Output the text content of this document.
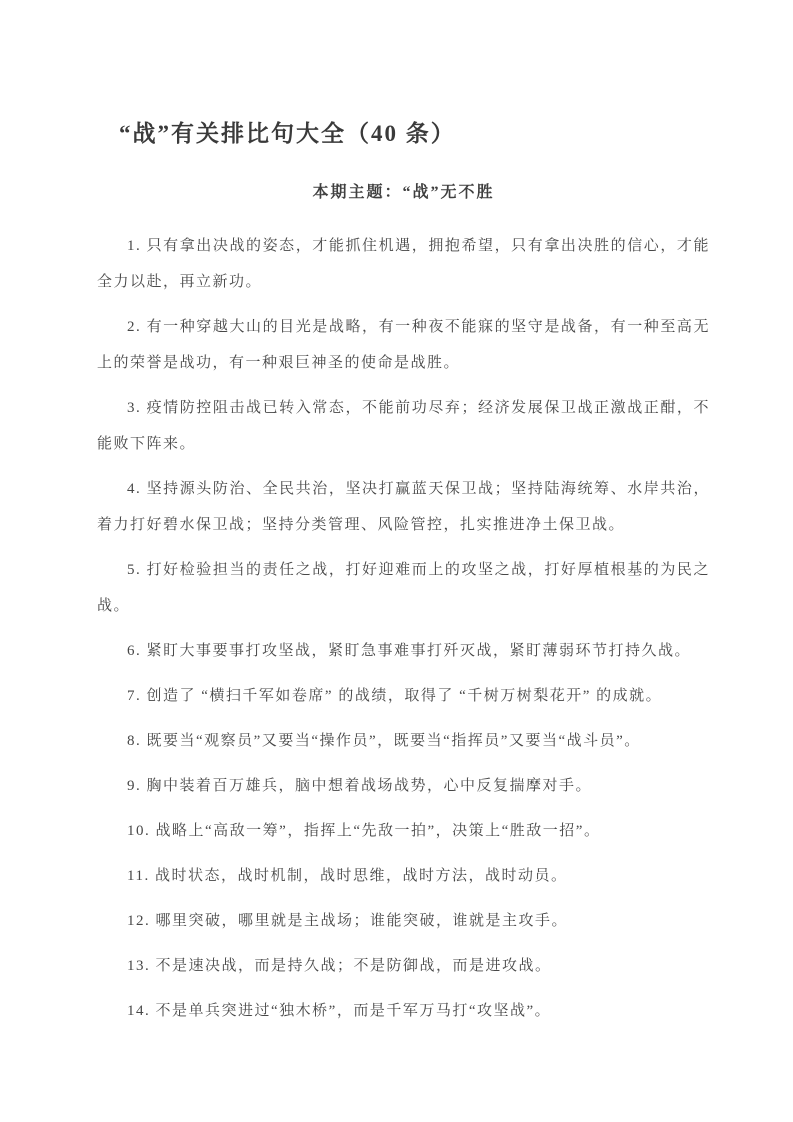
“战”有关排比句大全（40 条）

本期主题：“战”无不胜

1. 只有拿出决战的姿态，才能抓住机遇，拥抱希望，只有拿出决胜的信心，才能全力以赴，再立新功。

2. 有一种穿越大山的目光是战略，有一种夜不能寐的坚守是战备，有一种至高无上的荣誉是战功，有一种艰巨神圣的使命是战胜。

3. 疫情防控阻击战已转入常态，不能前功尽弃；经济发展保卫战正激战正酣，不能败下阵来。

4. 坚持源头防治、全民共治，坚决打赢蓝天保卫战；坚持陆海统筹、水岸共治，着力打好碧水保卫战；坚持分类管理、风险管控，扎实推进净土保卫战。

5. 打好检验担当的责任之战，打好迎难而上的攻坚之战，打好厚植根基的为民之战。

6. 紧盯大事要事打攻坚战，紧盯急事难事打歼灭战，紧盯薄弱环节打持久战。

7. 创造了 “横扫千军如卷席” 的战绩，取得了 “千树万树梨花开” 的成就。

8. 既要当“观察员”又要当“操作员”，既要当“指挥员”又要当“战斗员”。

9. 胸中装着百万雄兵，脑中想着战场战势，心中反复揣摩对手。

10. 战略上“高敌一筹”，指挥上“先敌一拍”，决策上“胜敌一招”。

11. 战时状态，战时机制，战时思维，战时方法，战时动员。

12. 哪里突破，哪里就是主战场；谁能突破，谁就是主攻手。

13. 不是速决战，而是持久战；不是防御战，而是进攻战。

14. 不是单兵突进过“独木桥”，而是千军万马打“攻坚战”。
